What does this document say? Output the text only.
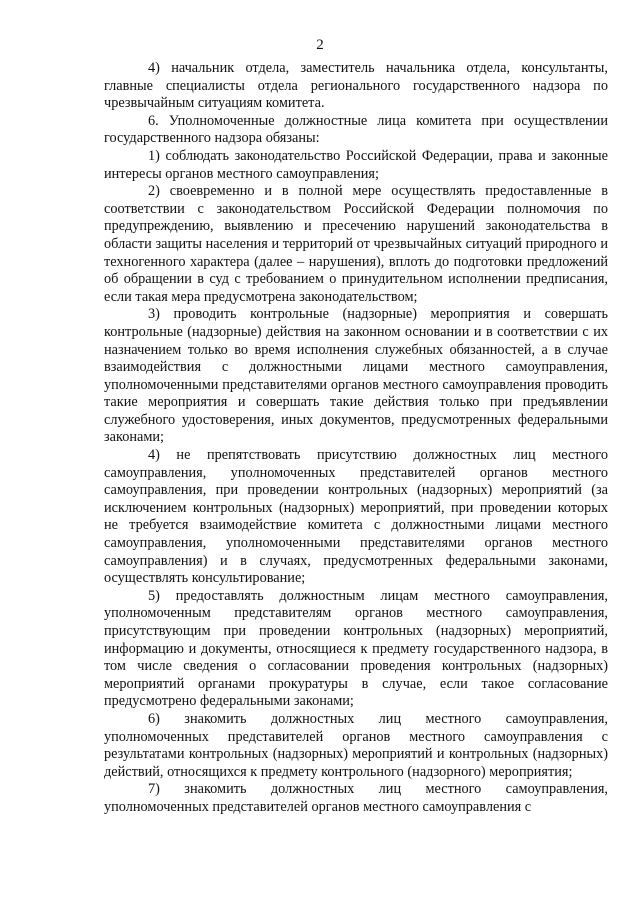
2

4) начальник отдела, заместитель начальника отдела, консультанты, главные специалисты отдела регионального государственного надзора по чрезвычайным ситуациям комитета.

6. Уполномоченные должностные лица комитета при осуществлении государственного надзора обязаны:

1) соблюдать законодательство Российской Федерации, права и законные интересы органов местного самоуправления;

2) своевременно и в полной мере осуществлять предоставленные в соответствии с законодательством Российской Федерации полномочия по предупреждению, выявлению и пресечению нарушений законодательства в области защиты населения и территорий от чрезвычайных ситуаций природного и техногенного характера (далее – нарушения), вплоть до подготовки предложений об обращении в суд с требованием о принудительном исполнении предписания, если такая мера предусмотрена законодательством;

3) проводить контрольные (надзорные) мероприятия и совершать контрольные (надзорные) действия на законном основании и в соответствии с их назначением только во время исполнения служебных обязанностей, а в случае взаимодействия с должностными лицами местного самоуправления, уполномоченными представителями органов местного самоуправления проводить такие мероприятия и совершать такие действия только при предъявлении служебного удостоверения, иных документов, предусмотренных федеральными законами;

4) не препятствовать присутствию должностных лиц местного самоуправления, уполномоченных представителей органов местного самоуправления, при проведении контрольных (надзорных) мероприятий (за исключением контрольных (надзорных) мероприятий, при проведении которых не требуется взаимодействие комитета с должностными лицами местного самоуправления, уполномоченными представителями органов местного самоуправления) и в случаях, предусмотренных федеральными законами, осуществлять консультирование;

5) предоставлять должностным лицам местного самоуправления, уполномоченным представителям органов местного самоуправления, присутствующим при проведении контрольных (надзорных) мероприятий, информацию и документы, относящиеся к предмету государственного надзора, в том числе сведения о согласовании проведения контрольных (надзорных) мероприятий органами прокуратуры в случае, если такое согласование предусмотрено федеральными законами;

6) знакомить должностных лиц местного самоуправления, уполномоченных представителей органов местного самоуправления с результатами контрольных (надзорных) мероприятий и контрольных (надзорных) действий, относящихся к предмету контрольного (надзорного) мероприятия;

7) знакомить должностных лиц местного самоуправления, уполномоченных представителей органов местного самоуправления с
